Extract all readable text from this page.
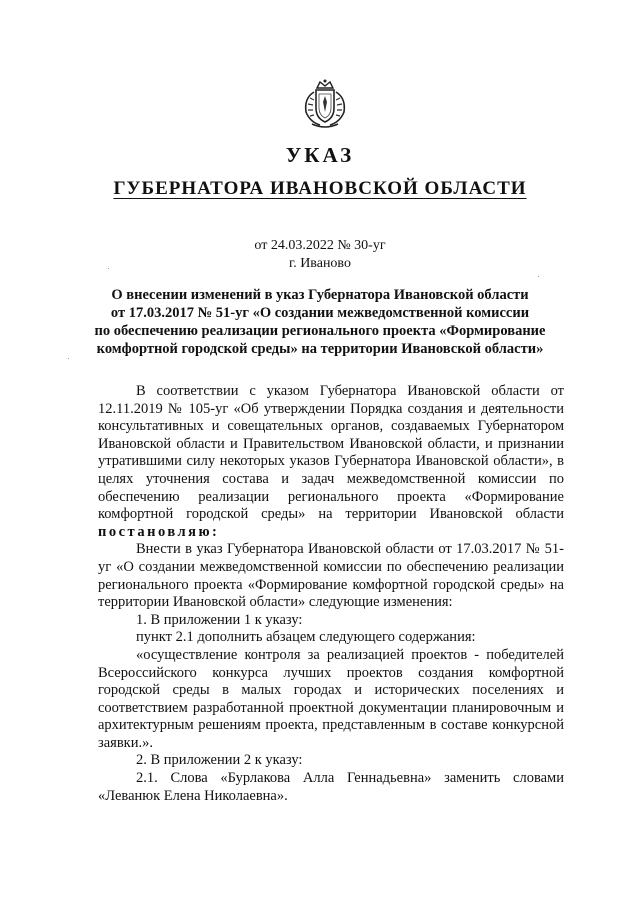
УКАЗ
ГУБЕРНАТОРА ИВАНОВСКОЙ ОБЛАСТИ
от 24.03.2022 № 30-уг
г. Иваново
О внесении изменений в указ Губернатора Ивановской области
от 17.03.2017 № 51-уг «О создании межведомственной комиссии
по обеспечению реализации регионального проекта «Формирование
комфортной городской среды» на территории Ивановской области»

В соответствии с указом Губернатора Ивановской области от 12.11.2019 № 105-уг «Об утверждении Порядка создания и деятельности консультативных и совещательных органов, создаваемых Губернатором Ивановской области и Правительством Ивановской области, и признании утратившими силу некоторых указов Губернатора Ивановской области», в целях уточнения состава и задач межведомственной комиссии по обеспечению реализации регионального проекта «Формирование комфортной городской среды» на территории Ивановской области постановляю:

Внести в указ Губернатора Ивановской области от 17.03.2017 № 51-уг «О создании межведомственной комиссии по обеспечению реализации регионального проекта «Формирование комфортной городской среды» на территории Ивановской области» следующие изменения:

1. В приложении 1 к указу:

пункт 2.1 дополнить абзацем следующего содержания:

«осуществление контроля за реализацией проектов - победителей Всероссийского конкурса лучших проектов создания комфортной городской среды в малых городах и исторических поселениях и соответствием разработанной проектной документации планировочным и архитектурным решениям проекта, представленным в составе конкурсной заявки.».

2. В приложении 2 к указу:

2.1. Слова «Бурлакова Алла Геннадьевна» заменить словами «Леванюк Елена Николаевна».
